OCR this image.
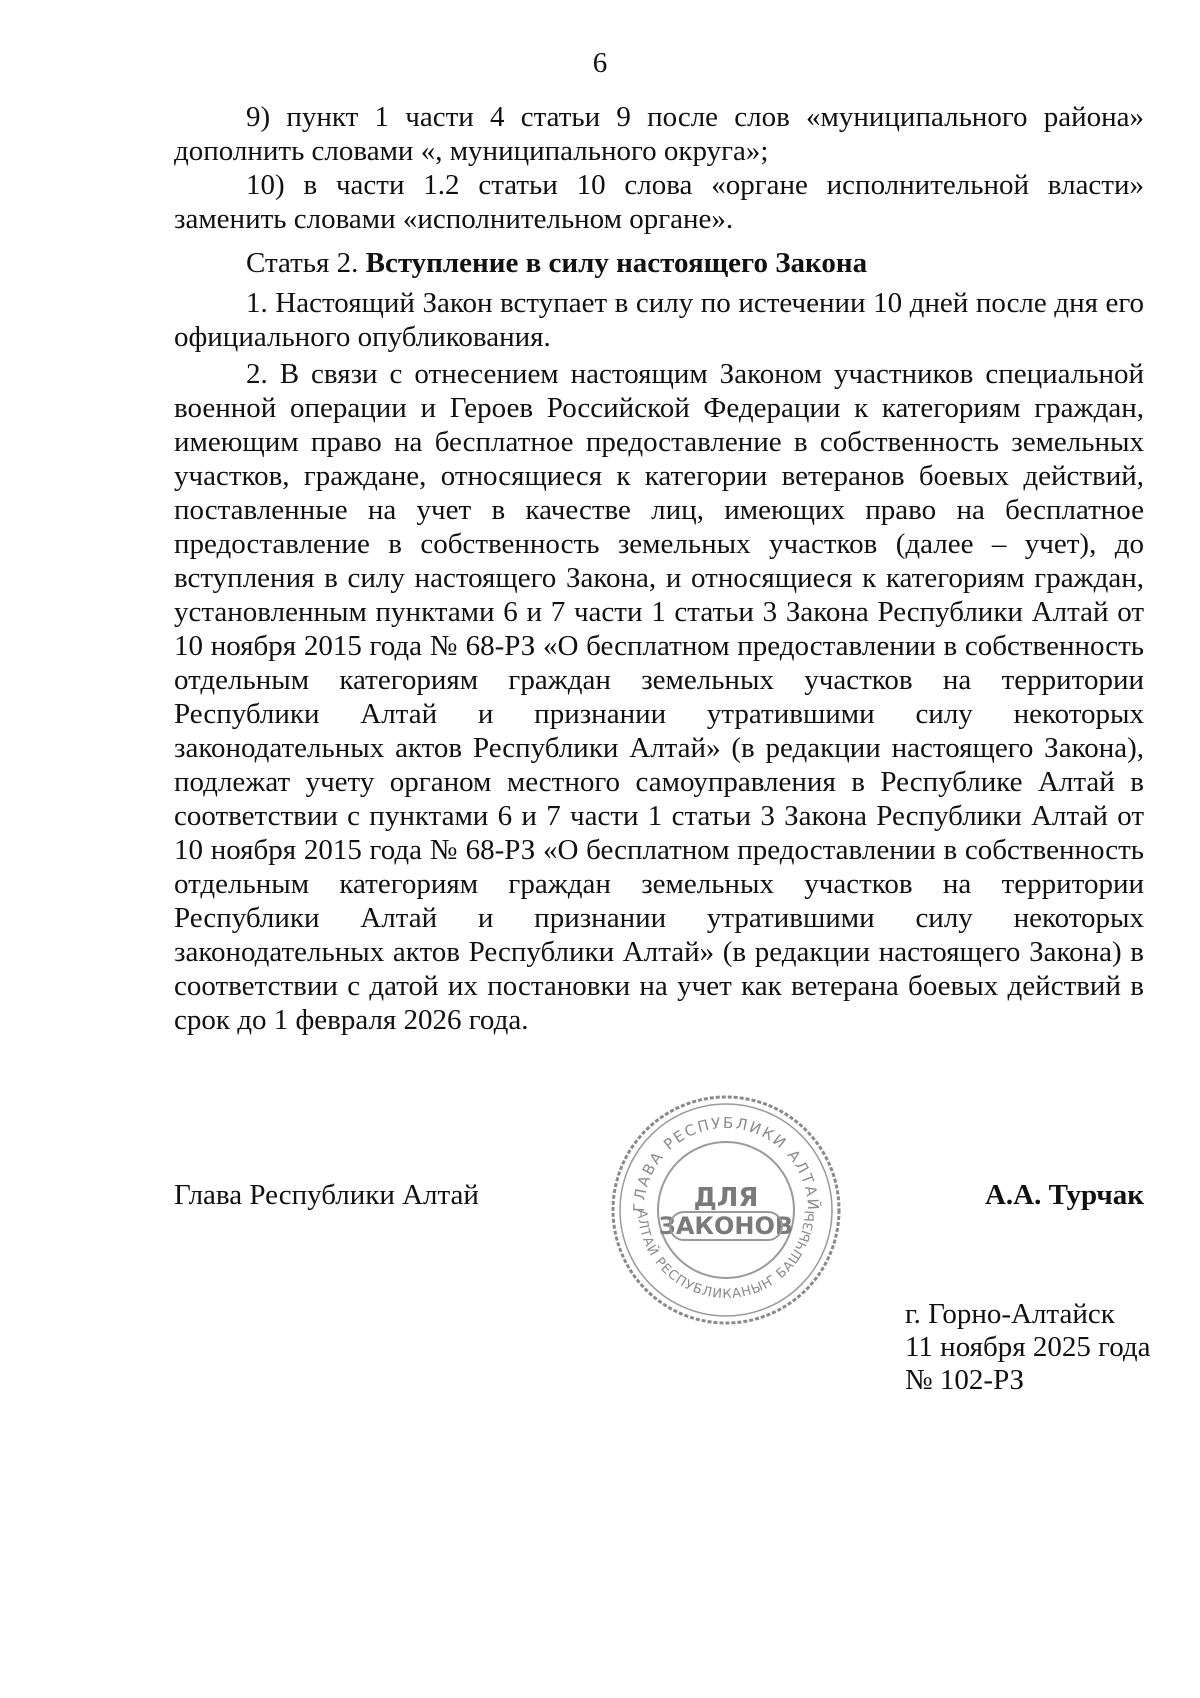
6

9) пункт 1 части 4 статьи 9 после слов «муниципального района» дополнить словами «, муниципального округа»;

10) в части 1.2 статьи 10 слова «органе исполнительной власти» заменить словами «исполнительном органе».

Статья 2. Вступление в силу настоящего Закона

1. Настоящий Закон вступает в силу по истечении 10 дней после дня его официального опубликования.

2. В связи с отнесением настоящим Законом участников специальной военной операции и Героев Российской Федерации к категориям граждан, имеющим право на бесплатное предоставление в собственность земельных участков, граждане, относящиеся к категории ветеранов боевых действий, поставленные на учет в качестве лиц, имеющих право на бесплатное предоставление в собственность земельных участков (далее – учет), до вступления в силу настоящего Закона, и относящиеся к категориям граждан, установленным пунктами 6 и 7 части 1 статьи 3 Закона Республики Алтай от 10 ноября 2015 года № 68-РЗ «О бесплатном предоставлении в собственность отдельным категориям граждан земельных участков на территории Республики Алтай и признании утратившими силу некоторых законодательных актов Республики Алтай» (в редакции настоящего Закона), подлежат учету органом местного самоуправления в Республике Алтай в соответствии с пунктами 6 и 7 части 1 статьи 3 Закона Республики Алтай от 10 ноября 2015 года № 68-РЗ «О бесплатном предоставлении в собственность отдельным категориям граждан земельных участков на территории Республики Алтай и признании утратившими силу некоторых законодательных актов Республики Алтай» (в редакции настоящего Закона) в соответствии с датой их постановки на учет как ветерана боевых действий в срок до 1 февраля 2026 года.

Глава Республики Алтай	А.А. Турчак
ГЛАВА РЕСПУБЛИКИ АЛТАЙ
АЛТАЙ РЕСПУБЛИКАНЫҤ БАШЧЫЗЫ
ДЛЯ
ЗАКОНОВ
г. Горно-Алтайск
11 ноября 2025 года
№ 102-РЗ
